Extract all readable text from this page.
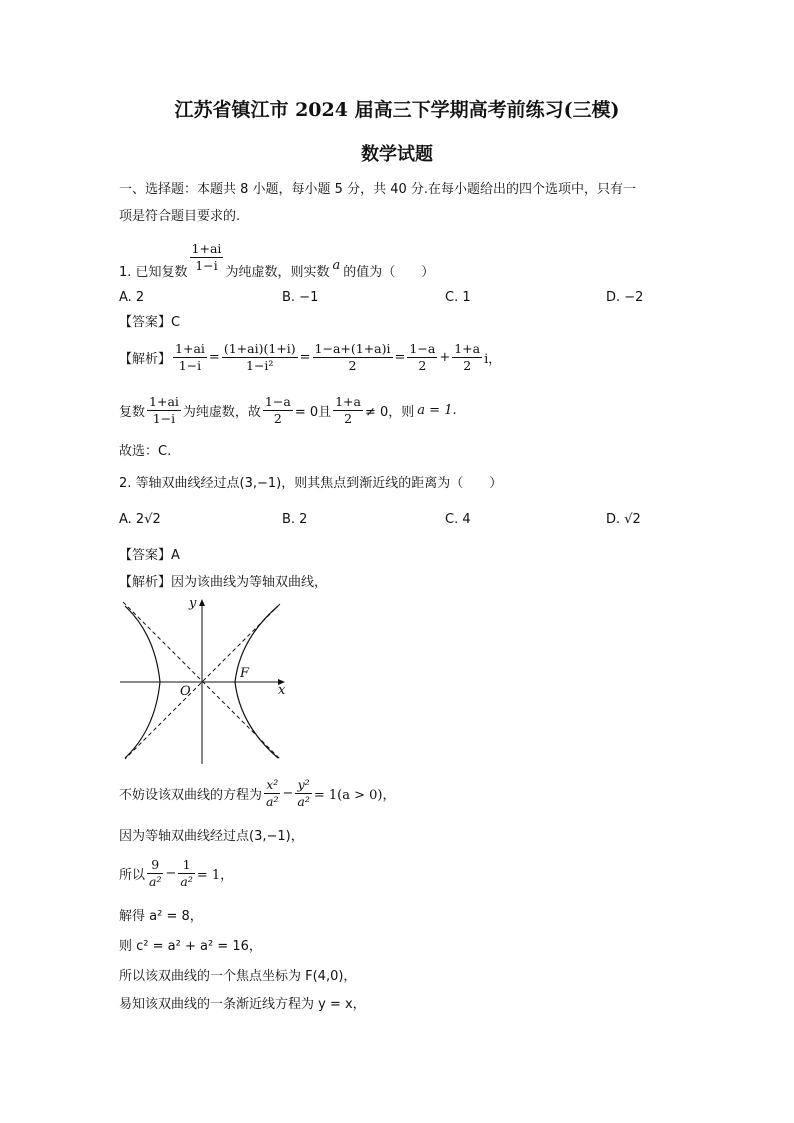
江苏省镇江市 2024 届高三下学期高考前练习(三模)
数学试题
一、选择题：本题共 8 小题，每小题 5 分，共 40 分.在每小题给出的四个选项中，只有一
项是符合题目要求的.
1. 已知复数 $\frac{1+ai}{1-i}$ 为纯虚数，则实数 a 的值为（　　）
A. 2	B. −1	C. 1	D. −2
【答案】C
【解析】 $\frac{1+ai}{1-i} = \frac{(1+ai)(1+i)}{\text{1−i²}} = \frac{1-a+(1+a)i}{2} = \frac{1-a}{2} + \frac{1+a}{2}$ i，
复数 $\frac{1+ai}{1-i}$ 为纯虚数，故 $\frac{1-a}{2} = 0$且 $\frac{1+a}{2} \ne 0$，则 a = 1.
故选：C.
2. 等轴双曲线经过点(3,−1)，则其焦点到渐近线的距离为（　　）
A. 2√2	B. 2	C. 4	D. √2
【答案】A
【解析】因为该曲线为等轴双曲线，
y
x
O
F
不妨设该双曲线的方程为 $\frac{\text{x²}}{\text{a²}} - \frac{\text{y²}}{\text{a²}} = 1(a > 0)$，
因为等轴双曲线经过点(3,−1)，
所以 $\frac{9}{\text{a²}} - \frac{1}{\text{a²}} = 1$，
解得 a² = 8，
则 c² = a² + a² = 16，
所以该双曲线的一个焦点坐标为 F(4,0)，
易知该双曲线的一条渐近线方程为 y = x，
